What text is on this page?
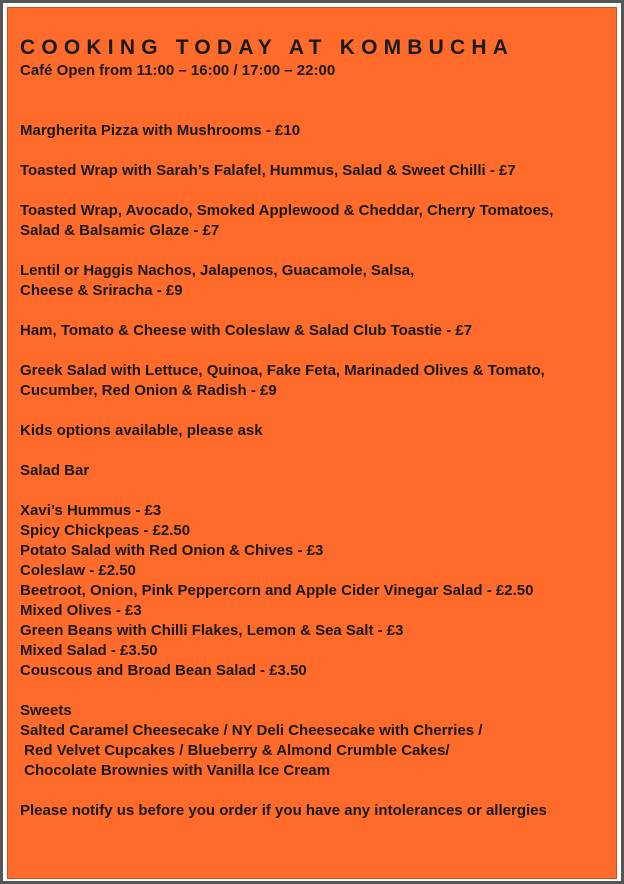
COOKING TODAY AT KOMBUCHA
Café Open from 11:00 – 16:00 / 17:00 – 22:00
Margherita Pizza with Mushrooms - £10
Toasted Wrap with Sarah’s Falafel, Hummus, Salad & Sweet Chilli - £7
Toasted Wrap, Avocado, Smoked Applewood & Cheddar, Cherry Tomatoes,
Salad & Balsamic Glaze - £7
Lentil or Haggis Nachos, Jalapenos, Guacamole, Salsa,
Cheese & Sriracha - £9
Ham, Tomato & Cheese with Coleslaw & Salad Club Toastie - £7
Greek Salad with Lettuce, Quinoa, Fake Feta, Marinaded Olives & Tomato,
Cucumber, Red Onion & Radish - £9
Kids options available, please ask
Salad Bar
Xavi’s Hummus - £3
Spicy Chickpeas - £2.50
Potato Salad with Red Onion & Chives - £3
Coleslaw - £2.50
Beetroot, Onion, Pink Peppercorn and Apple Cider Vinegar Salad - £2.50
Mixed Olives - £3
Green Beans with Chilli Flakes, Lemon & Sea Salt - £3
Mixed Salad - £3.50
Couscous and Broad Bean Salad - £3.50
Sweets
Salted Caramel Cheesecake / NY Deli Cheesecake with Cherries /
Red Velvet Cupcakes / Blueberry & Almond Crumble Cakes/
Chocolate Brownies with Vanilla Ice Cream
Please notify us before you order if you have any intolerances or allergies
